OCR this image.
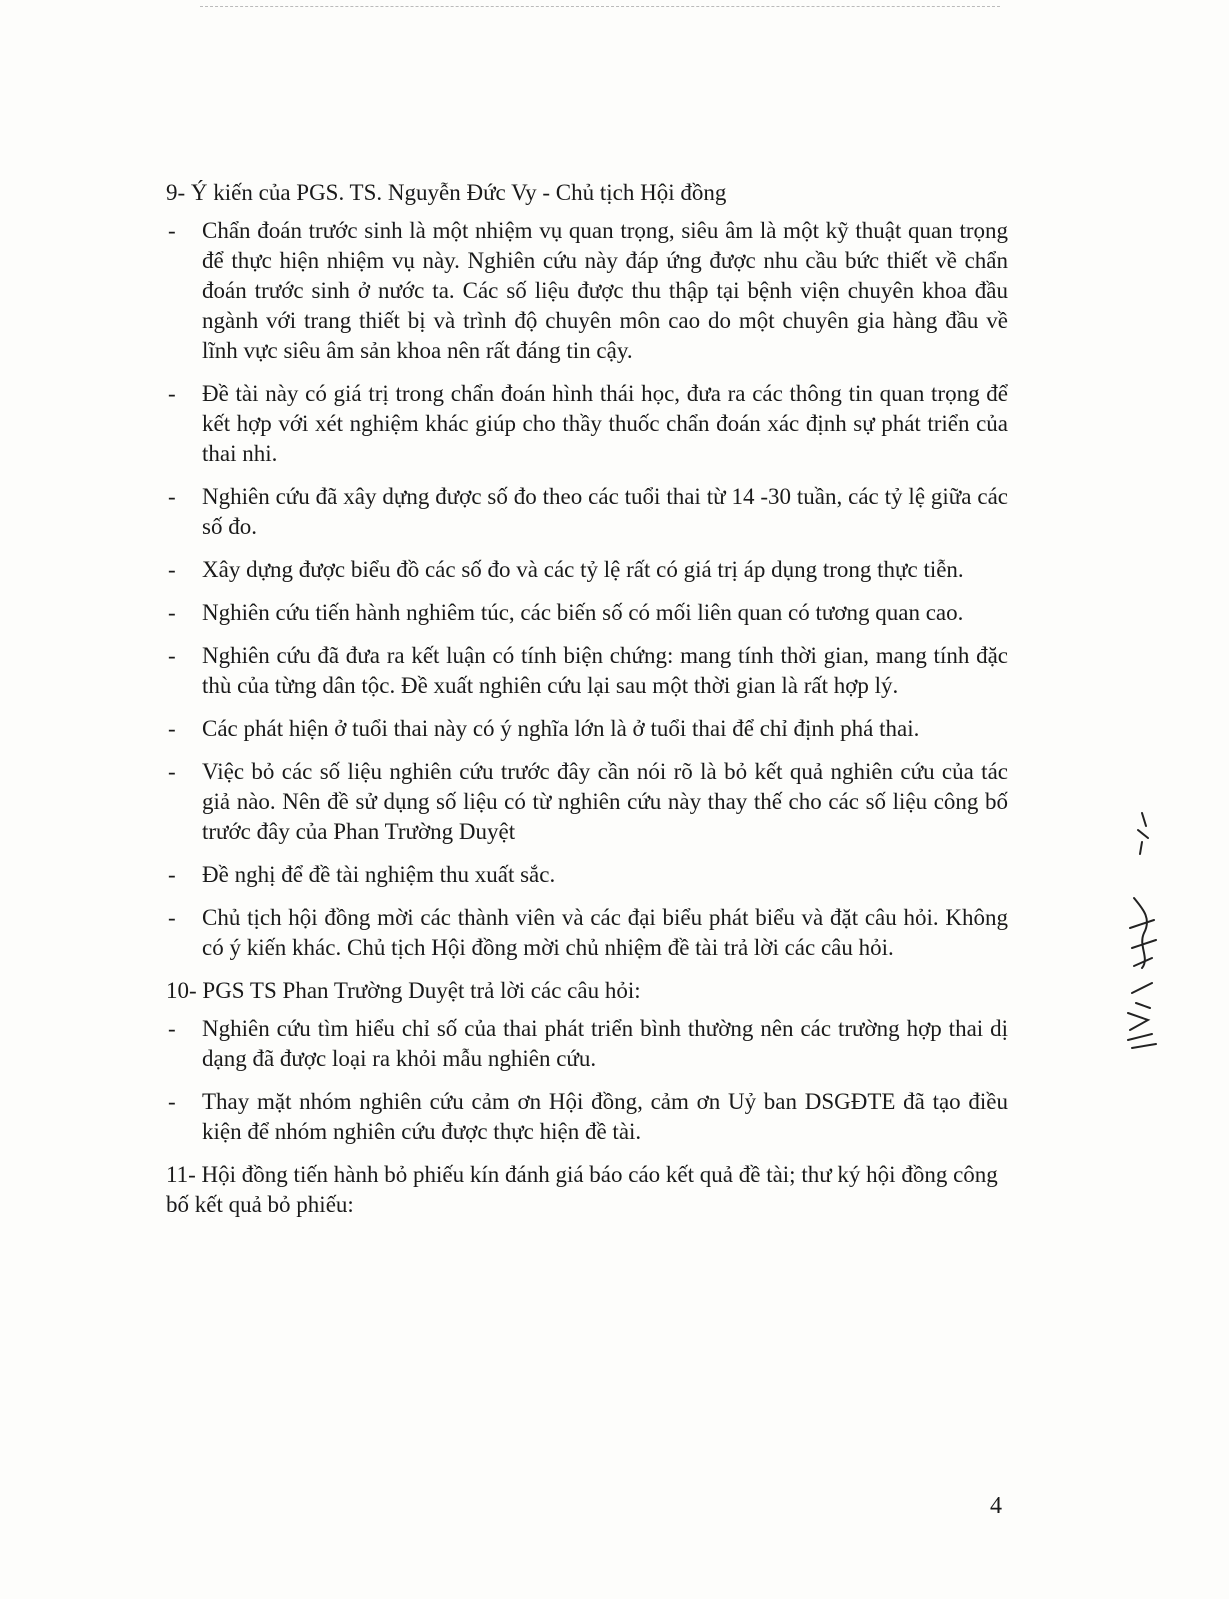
9- Ý kiến của PGS. TS. Nguyễn Đức Vy - Chủ tịch Hội đồng

- Chẩn đoán trước sinh là một nhiệm vụ quan trọng, siêu âm là một kỹ thuật quan trọng để thực hiện nhiệm vụ này. Nghiên cứu này đáp ứng được nhu cầu bức thiết về chẩn đoán trước sinh ở nước ta. Các số liệu được thu thập tại bệnh viện chuyên khoa đầu ngành với trang thiết bị và trình độ chuyên môn cao do một chuyên gia hàng đầu về lĩnh vực siêu âm sản khoa nên rất đáng tin cậy.
- Đề tài này có giá trị trong chẩn đoán hình thái học, đưa ra các thông tin quan trọng để kết hợp với xét nghiệm khác giúp cho thầy thuốc chẩn đoán xác định sự phát triển của thai nhi.
- Nghiên cứu đã xây dựng được số đo theo các tuổi thai từ 14 -30 tuần, các tỷ lệ giữa các số đo.
- Xây dựng được biểu đồ các số đo và các tỷ lệ rất có giá trị áp dụng trong thực tiễn.
- Nghiên cứu tiến hành nghiêm túc, các biến số có mối liên quan có tương quan cao.
- Nghiên cứu đã đưa ra kết luận có tính biện chứng: mang tính thời gian, mang tính đặc thù của từng dân tộc. Đề xuất nghiên cứu lại sau một thời gian là rất hợp lý.
- Các phát hiện ở tuổi thai này có ý nghĩa lớn là ở tuổi thai để chỉ định phá thai.
- Việc bỏ các số liệu nghiên cứu trước đây cần nói rõ là bỏ kết quả nghiên cứu của tác giả nào. Nên đề sử dụng số liệu có từ nghiên cứu này thay thế cho các số liệu công bố trước đây của Phan Trường Duyệt
- Đề nghị để đề tài nghiệm thu xuất sắc.
- Chủ tịch hội đồng mời các thành viên và các đại biểu phát biểu và đặt câu hỏi. Không có ý kiến khác. Chủ tịch Hội đồng mời chủ nhiệm đề tài trả lời các câu hỏi.

10- PGS TS Phan Trường Duyệt trả lời các câu hỏi:

- Nghiên cứu tìm hiểu chỉ số của thai phát triển bình thường nên các trường hợp thai dị dạng đã được loại ra khỏi mẫu nghiên cứu.
- Thay mặt nhóm nghiên cứu cảm ơn Hội đồng, cảm ơn Uỷ ban DSGĐTE đã tạo điều kiện để nhóm nghiên cứu được thực hiện đề tài.

11- Hội đồng tiến hành bỏ phiếu kín đánh giá báo cáo kết quả đề tài; thư ký hội đồng công bố kết quả bỏ phiếu:

4
